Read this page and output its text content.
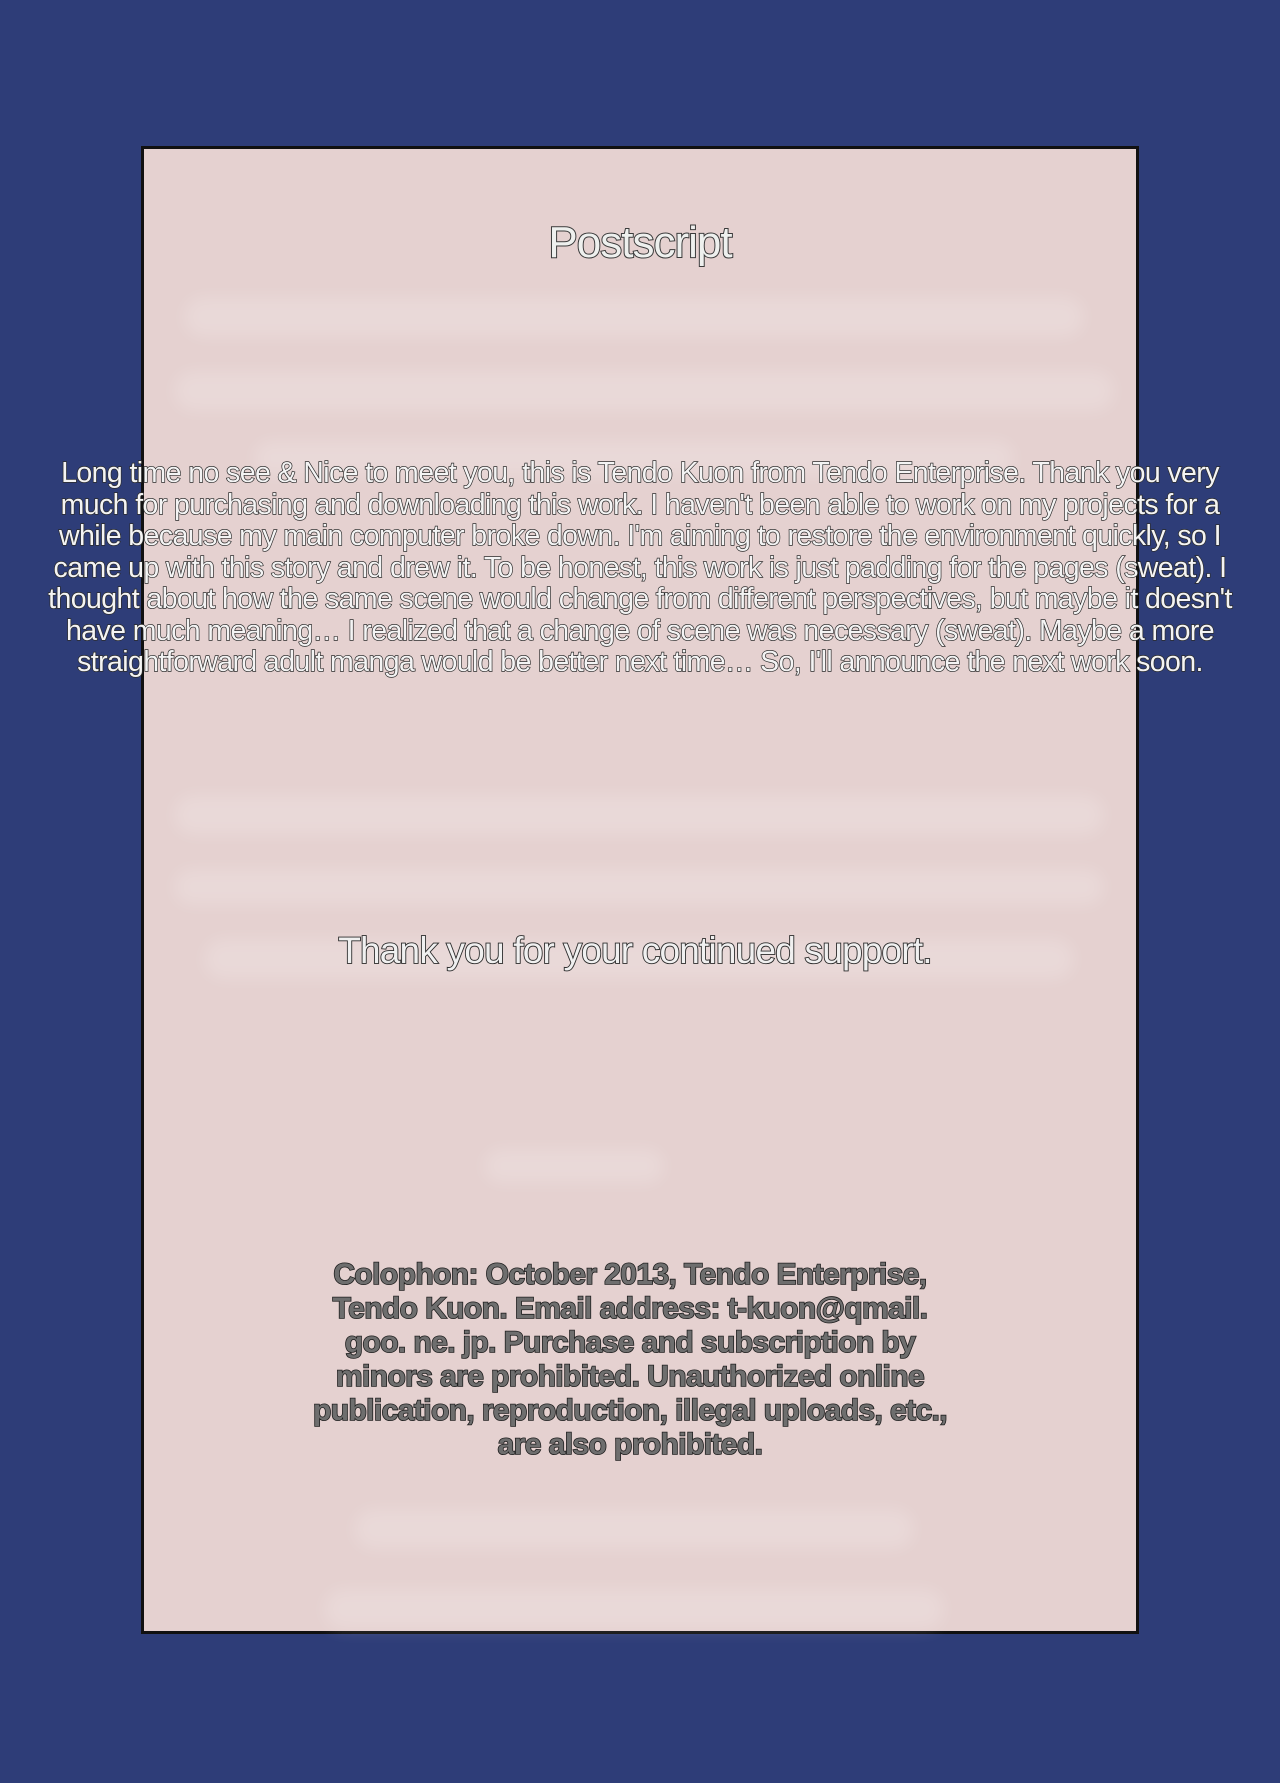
Postscript
Long time no see & Nice to meet you, this is Tendo Kuon from Tendo Enterprise. Thank you very much for purchasing and downloading this work. I haven't been able to work on my projects for a while because my main computer broke down. I'm aiming to restore the environment quickly, so I came up with this story and drew it. To be honest, this work is just padding for the pages (sweat). I thought about how the same scene would change from different perspectives, but maybe it doesn't have much meaning… I realized that a change of scene was necessary (sweat). Maybe a more straightforward adult manga would be better next time… So, I'll announce the next work soon.
Thank you for your continued support.
Colophon: October 2013, Tendo Enterprise, Tendo Kuon. Email address: t-kuon@qmail. goo. ne. jp. Purchase and subscription by minors are prohibited. Unauthorized online publication, reproduction, illegal uploads, etc., are also prohibited.
